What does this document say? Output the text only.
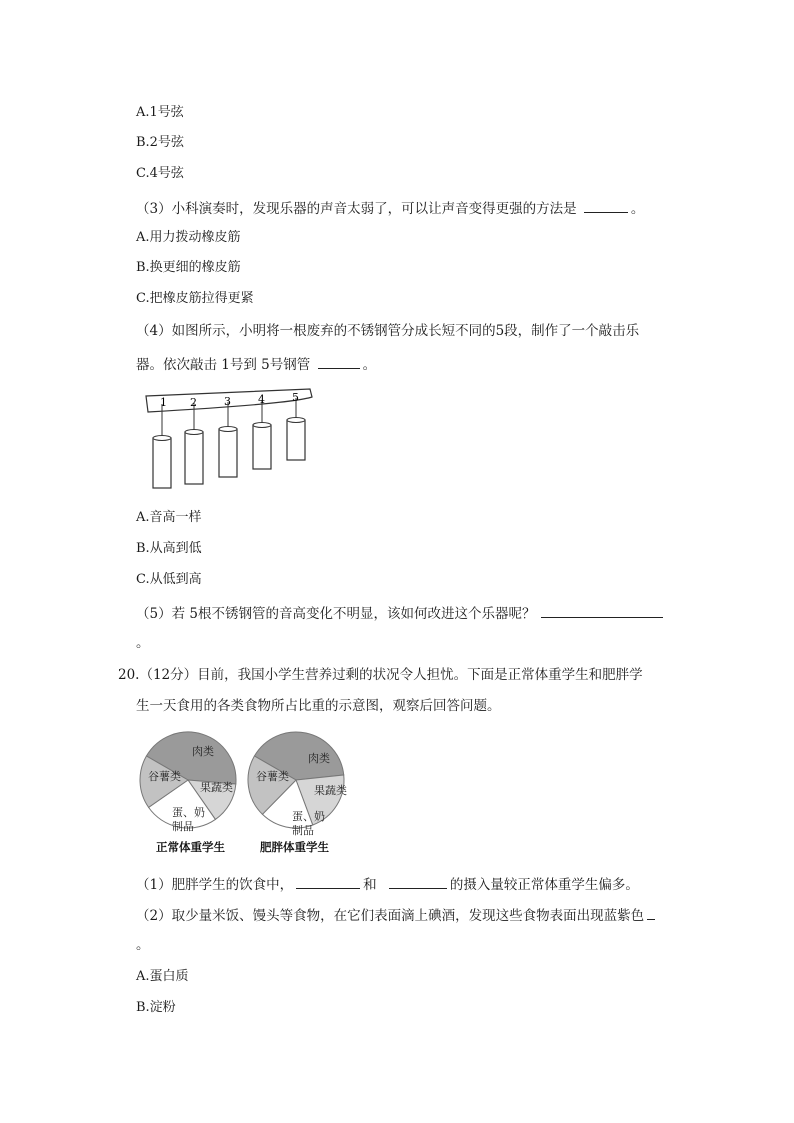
A.1号弦
B.2号弦
C.4号弦
（3）小科演奏时，发现乐器的声音太弱了，可以让声音变得更强的方法是	。
A.用力拨动橡皮筋
B.换更细的橡皮筋
C.把橡皮筋拉得更紧
（4）如图所示，小明将一根废弃的不锈钢管分成长短不同的5段，制作了一个敲击乐
器。依次敲击 1号到 5号钢管	。
1 2 3 4 5
A.音高一样
B.从高到低
C.从低到高
（5）若 5根不锈钢管的音高变化不明显，该如何改进这个乐器呢？
。
20.（12分）目前，我国小学生营养过剩的状况令人担忧。下面是正常体重学生和肥胖学
生一天食用的各类食物所占比重的示意图，观察后回答问题。
谷薯类
肉类
果蔬类
蛋、奶
制品
正常体重学生
谷薯类
肉类
果蔬类
蛋、奶
制品
肥胖体重学生
（1）肥胖学生的饮食中，	和	的摄入量较正常体重学生偏多。
（2）取少量米饭、馒头等食物，在它们表面滴上碘酒，发现这些食物表面出现蓝紫色
。
A.蛋白质
B.淀粉
